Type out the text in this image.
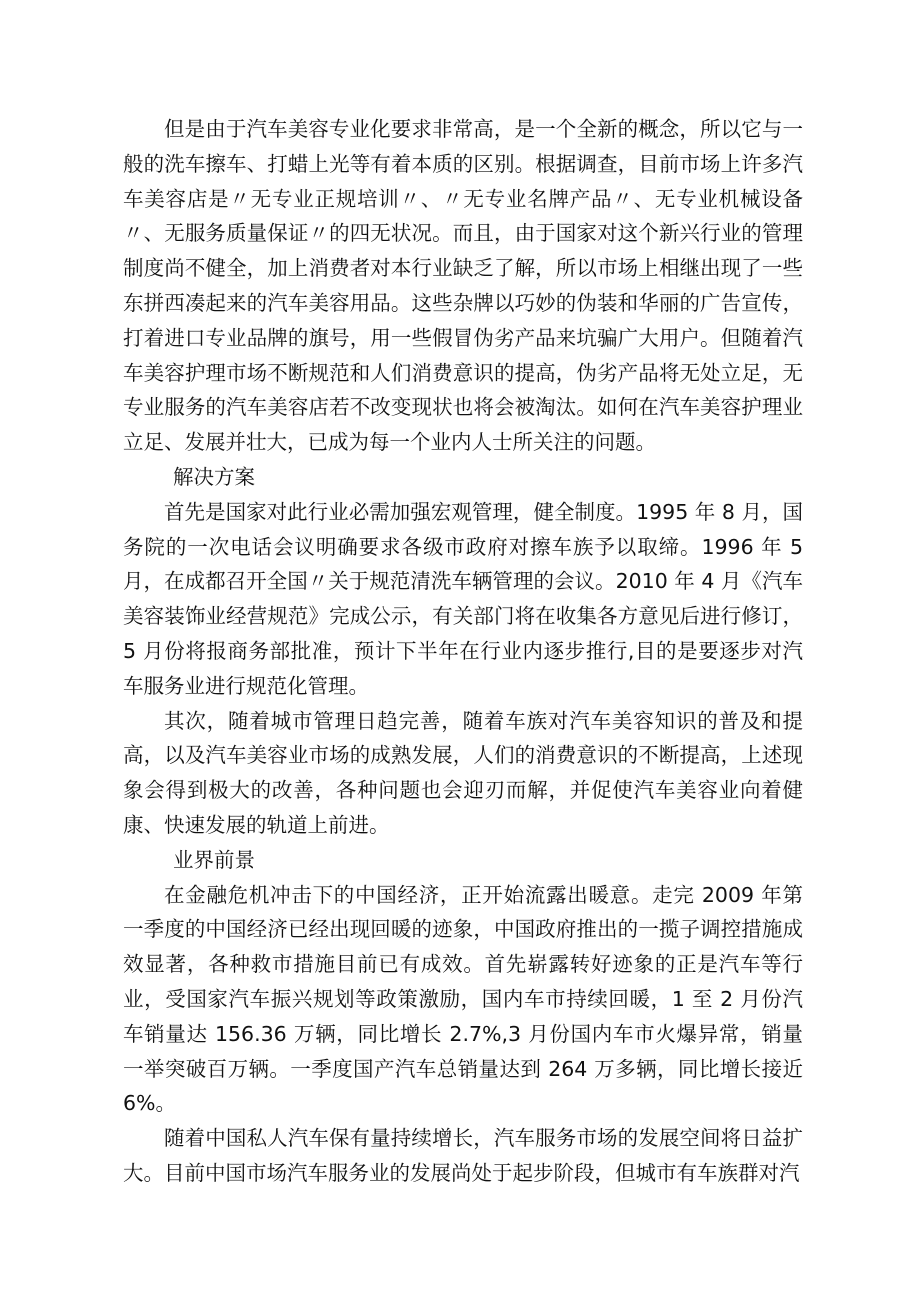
但是由于汽车美容专业化要求非常高，是一个全新的概念，所以它与一般的洗车擦车、打蜡上光等有着本质的区别。根据调查，目前市场上许多汽车美容店是〃无专业正规培训〃、〃无专业名牌产品〃、无专业机械设备〃、无服务质量保证〃的四无状况。而且，由于国家对这个新兴行业的管理制度尚不健全，加上消费者对本行业缺乏了解，所以市场上相继出现了一些东拼西凑起来的汽车美容用品。这些杂牌以巧妙的伪装和华丽的广告宣传，打着进口专业品牌的旗号，用一些假冒伪劣产品来坑骗广大用户。但随着汽车美容护理市场不断规范和人们消费意识的提高，伪劣产品将无处立足，无专业服务的汽车美容店若不改变现状也将会被淘汰。如何在汽车美容护理业立足、发展并壮大，已成为每一个业内人士所关注的问题。

解决方案

首先是国家对此行业必需加强宏观管理，健全制度。1995 年 8 月，国务院的一次电话会议明确要求各级市政府对擦车族予以取缔。1996 年 5 月，在成都召开全国〃关于规范清洗车辆管理的会议。2010 年 4 月《汽车美容装饰业经营规范》完成公示，有关部门将在收集各方意见后进行修订，5 月份将报商务部批准，预计下半年在行业内逐步推行,目的是要逐步对汽车服务业进行规范化管理。

其次，随着城市管理日趋完善，随着车族对汽车美容知识的普及和提高，以及汽车美容业市场的成熟发展，人们的消费意识的不断提高，上述现象会得到极大的改善，各种问题也会迎刃而解，并促使汽车美容业向着健康、快速发展的轨道上前进。

业界前景

在金融危机冲击下的中国经济，正开始流露出暖意。走完 2009 年第一季度的中国经济已经出现回暖的迹象，中国政府推出的一揽子调控措施成效显著，各种救市措施目前已有成效。首先崭露转好迹象的正是汽车等行业，受国家汽车振兴规划等政策激励，国内车市持续回暖，1 至 2 月份汽车销量达 156.36 万辆，同比增长 2.7%,3 月份国内车市火爆异常，销量一举突破百万辆。一季度国产汽车总销量达到 264 万多辆，同比增长接近 6%。

随着中国私人汽车保有量持续增长，汽车服务市场的发展空间将日益扩大。目前中国市场汽车服务业的发展尚处于起步阶段，但城市有车族群对汽
